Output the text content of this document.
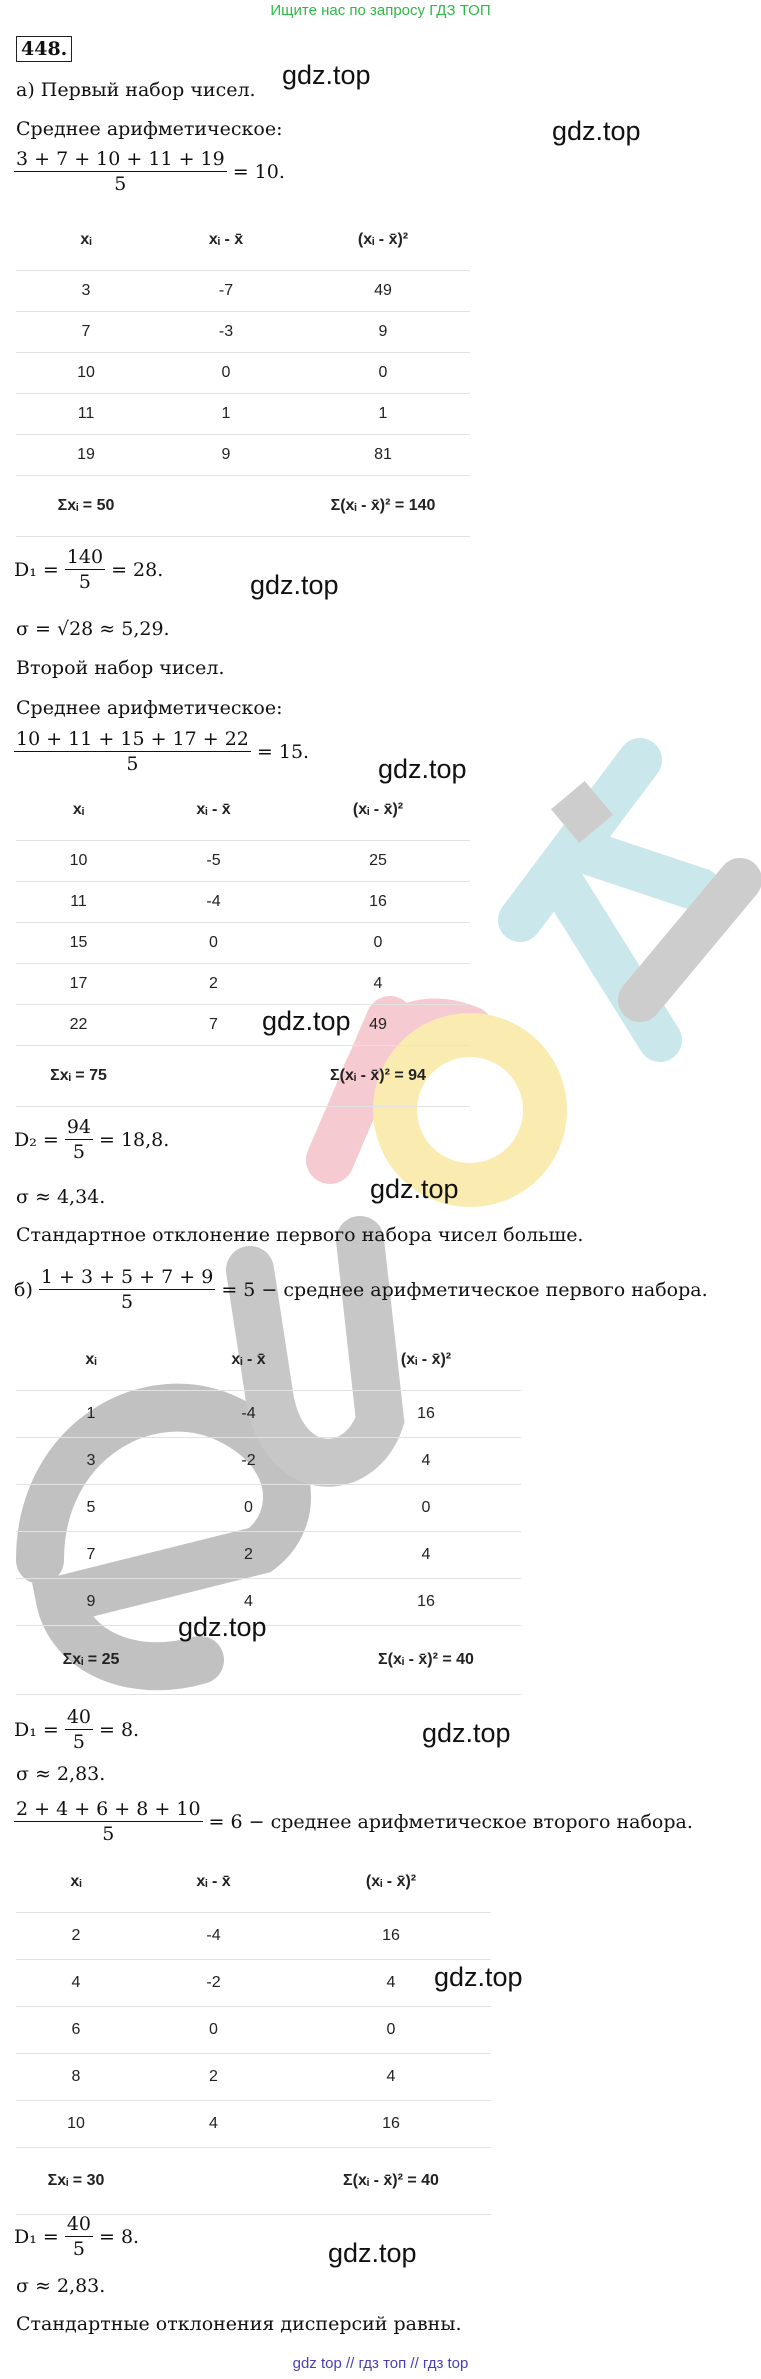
Ищите нас по запросу ГДЗ ТОП
448.
а) Первый набор чисел.
Среднее арифметическое:
$\frac{3 + 7 + 10 + 11 + 19}{5} = 10$.
xᵢ	xᵢ - x̄	(xᵢ - x̄)²
3	-7	49
7	-3	9
10	0	0
11	1	1
19	9	81
Σxᵢ = 50		Σ(xᵢ - x̄)² = 140
$D_1 = \frac{140}{5} = 28$.
σ = √28 ≈ 5,29.
Второй набор чисел.
Среднее арифметическое:
$\frac{10 + 11 + 15 + 17 + 22}{5} = 15$.
xᵢ	xᵢ - x̄	(xᵢ - x̄)²
10	-5	25
11	-4	16
15	0	0
17	2	4
22	7	49
Σxᵢ = 75		Σ(xᵢ - x̄)² = 94
$D_2 = \frac{94}{5} = 18,8$.
σ ≈ 4,34.
Стандартное отклонение первого набора чисел больше.
$б) \frac{1 + 3 + 5 + 7 + 9}{5} = 5$ − среднее арифметическое первого набора.
xᵢ	xᵢ - x̄	(xᵢ - x̄)²
1	-4	16
3	-2	4
5	0	0
7	2	4
9	4	16
Σxᵢ = 25		Σ(xᵢ - x̄)² = 40
$D_1 = \frac{40}{5} = 8$.
σ ≈ 2,83.
$\frac{2 + 4 + 6 + 8 + 10}{5} = 6$ − среднее арифметическое второго набора.
xᵢ	xᵢ - x̄	(xᵢ - x̄)²
2	-4	16
4	-2	4
6	0	0
8	2	4
10	4	16
Σxᵢ = 30		Σ(xᵢ - x̄)² = 40
$D_1 = \frac{40}{5} = 8$.
σ ≈ 2,83.
Стандартные отклонения дисперсий равны.
gdz.top
gdz.top
gdz.top
gdz.top
gdz.top
gdz.top
gdz.top
gdz.top
gdz.top
gdz.top
gdz top // гдз топ // гдз top
